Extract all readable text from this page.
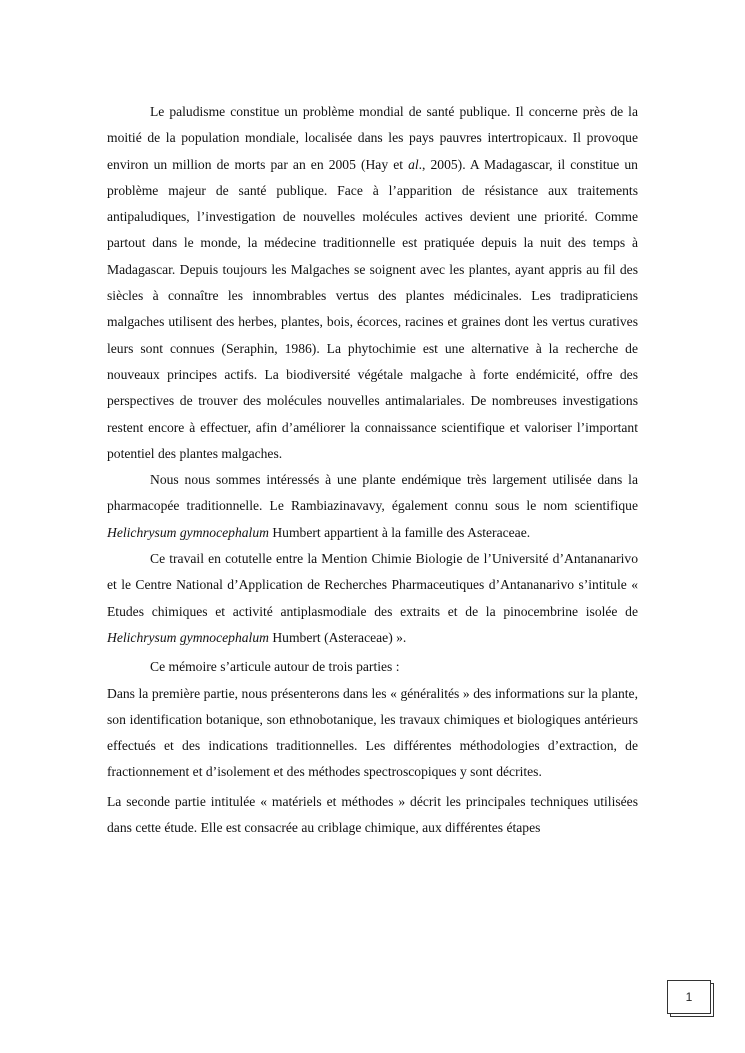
Le paludisme constitue un problème mondial de santé publique. Il concerne près de la moitié de la population mondiale, localisée dans les pays pauvres intertropicaux. Il provoque environ un million de morts par an en 2005 (Hay et al., 2005). A Madagascar, il constitue un problème majeur de santé publique. Face à l’apparition de résistance aux traitements antipaludiques, l’investigation de nouvelles molécules actives devient une priorité. Comme partout dans le monde, la médecine traditionnelle est pratiquée depuis la nuit des temps à Madagascar. Depuis toujours les Malgaches se soignent avec les plantes, ayant appris au fil des siècles à connaître les innombrables vertus des plantes médicinales. Les tradipraticiens malgaches utilisent des herbes, plantes, bois, écorces, racines et graines dont les vertus curatives leurs sont connues (Seraphin, 1986). La phytochimie est une alternative à la recherche de nouveaux principes actifs. La biodiversité végétale malgache à forte endémicité, offre des perspectives de trouver des molécules nouvelles antimalariales. De nombreuses investigations restent encore à effectuer, afin d’améliorer la connaissance scientifique et valoriser l’important potentiel des plantes malgaches.

Nous nous sommes intéressés à une plante endémique très largement utilisée dans la pharmacopée traditionnelle. Le Rambiazinavavy, également connu sous le nom scientifique Helichrysum gymnocephalum Humbert appartient à la famille des Asteraceae.

Ce travail en cotutelle entre la Mention Chimie Biologie de l’Université d’Antananarivo et le Centre National d’Application de Recherches Pharmaceutiques d’Antananarivo s’intitule « Etudes chimiques et activité antiplasmodiale des extraits et de la pinocembrine isolée de Helichrysum gymnocephalum Humbert (Asteraceae) ».

Ce mémoire s’articule autour de trois parties :

Dans la première partie, nous présenterons dans les « généralités » des informations sur la plante, son identification botanique, son ethnobotanique, les travaux chimiques et biologiques antérieurs effectués et des indications traditionnelles. Les différentes méthodologies d’extraction, de fractionnement et d’isolement et des méthodes spectroscopiques y sont décrites.

La seconde partie intitulée « matériels et méthodes » décrit les principales techniques utilisées dans cette étude. Elle est consacrée au criblage chimique, aux différentes étapes

1
